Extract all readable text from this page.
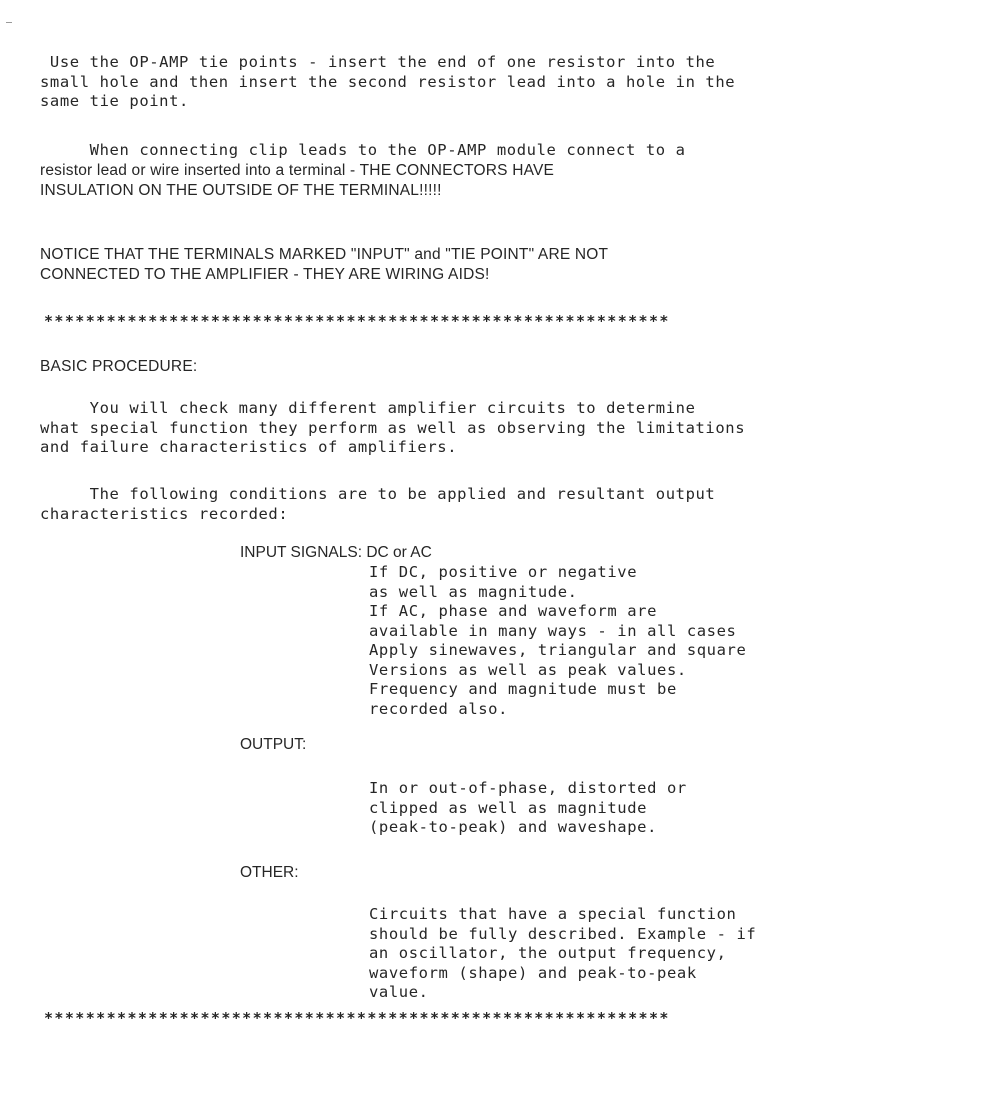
Use the OP-AMP tie points - insert the end of one resistor into the
small hole and then insert the second resistor lead into a hole in the
same tie point.

When connecting clip leads to the OP-AMP module connect to a

resistor lead or wire inserted into a terminal - THE CONNECTORS HAVE

INSULATION ON THE OUTSIDE OF THE TERMINAL!!!!!

NOTICE THAT THE TERMINALS MARKED "INPUT" and "TIE POINT" ARE NOT
CONNECTED TO THE AMPLIFIER - THEY ARE WIRING AIDS!

************************************************************

BASIC PROCEDURE:

You will check many different amplifier circuits to determine
what special function they perform as well as observing the limitations
and failure characteristics of amplifiers.

The following conditions are to be applied and resultant output
characteristics recorded:

INPUT SIGNALS: DC or AC

If DC, positive or negative
as well as magnitude.
If AC, phase and waveform are
available in many ways - in all cases
Apply sinewaves, triangular and square
Versions as well as peak values.
Frequency and magnitude must be
recorded also.

OUTPUT:

In or out-of-phase, distorted or
clipped as well as magnitude
(peak-to-peak) and waveshape.

OTHER:

Circuits that have a special function
should be fully described. Example - if
an oscillator, the output frequency,
waveform (shape) and peak-to-peak
value.

************************************************************
